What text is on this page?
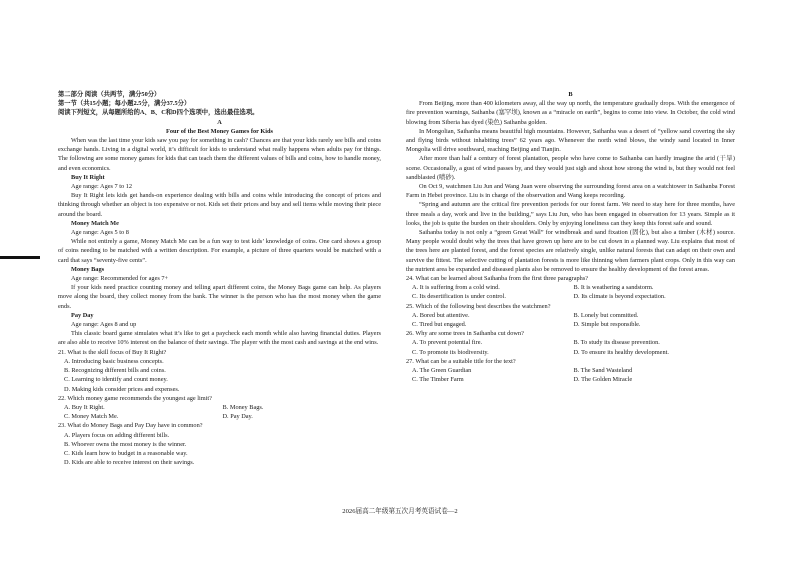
第二部分 阅读（共两节，满分50分）

第一节（共15小题；每小题2.5分，满分37.5分）

阅读下列短文，从每题所给的A、B、C和D四个选项中，选出最佳选项。

A

Four of the Best Money Games for Kids

When was the last time your kids saw you pay for something in cash? Chances are that your kids rarely see bills and coins exchange hands. Living in a digital world, it’s difficult for kids to understand what really happens when adults pay for things. The following are some money games for kids that can teach them the different values of bills and coins, how to handle money, and even economics.

Buy It Right

Age range: Ages 7 to 12

Buy It Right lets kids get hands-on experience dealing with bills and coins while introducing the concept of prices and thinking through whether an object is too expensive or not. Kids set their prices and buy and sell items while moving their piece around the board.

Money Match Me

Age range: Ages 5 to 8

While not entirely a game, Money Match Me can be a fun way to test kids’ knowledge of coins. One card shows a group of coins needing to be matched with a written description. For example, a picture of three quarters would be matched with a card that says “seventy-five cents”.

Money Bags

Age range: Recommended for ages 7+

If your kids need practice counting money and telling apart different coins, the Money Bags game can help. As players move along the board, they collect money from the bank. The winner is the person who has the most money when the game ends.

Pay Day

Age range: Ages 8 and up

This classic board game simulates what it’s like to get a paycheck each month while also having financial duties. Players are also able to receive 10% interest on the balance of their savings. The player with the most cash and savings at the end wins.

21. What is the skill focus of Buy It Right?

A. Introducing basic business concepts.

B. Recognizing different bills and coins.

C. Learning to identify and count money.

D. Making kids consider prices and expenses.

22. Which money game recommends the youngest age limit?

A. Buy It Right.	B. Money Bags.
C. Money Match Me.	D. Pay Day.

23. What do Money Bags and Pay Day have in common?

A. Players focus on adding different bills.

B. Whoever owns the most money is the winner.

C. Kids learn how to budget in a reasonable way.

D. Kids are able to receive interest on their savings.

B

From Beijing, more than 400 kilometers away, all the way up north, the temperature gradually drops. With the emergence of fire prevention warnings, Saihanba (塞罕坝), known as a “miracle on earth”, begins to come into view. In October, the cold wind blowing from Siberia has dyed (染色) Saihanba golden.

In Mongolian, Saihanba means beautiful high mountains. However, Saihanba was a desert of “yellow sand covering the sky and flying birds without inhabiting trees” 62 years ago. Whenever the north wind blows, the windy sand located in Inner Mongolia will drive southward, reaching Beijing and Tianjin.

After more than half a century of forest plantation, people who have come to Saihanba can hardly imagine the arid (干旱) scene. Occasionally, a gust of wind passes by, and they would just sigh and shout how strong the wind is, but they would not feel sandblasted (喷砂).

On Oct 9, watchmen Liu Jun and Wang Juan were observing the surrounding forest area on a watchtower in Saihanba Forest Farm in Hebei province. Liu is in charge of the observation and Wang keeps recording.

“Spring and autumn are the critical fire prevention periods for our forest farm. We need to stay here for three months, have three meals a day, work and live in the building,” says Liu Jun, who has been engaged in observation for 13 years. Simple as it looks, the job is quite the burden on their shoulders. Only by enjoying loneliness can they keep this forest safe and sound.

Saihanba today is not only a “green Great Wall” for windbreak and sand fixation (固化), but also a timber (木材) source. Many people would doubt why the trees that have grown up here are to be cut down in a planned way. Liu explains that most of the trees here are planted forest, and the forest species are relatively single, unlike natural forests that can adapt on their own and survive the fittest. The selective cutting of plantation forests is more like thinning when farmers plant crops. Only in this way can the nutrient area be expanded and diseased plants also be removed to ensure the healthy development of the forest areas.

24. What can be learned about Saihanba from the first three paragraphs?

A. It is suffering from a cold wind.	B. It is weathering a sandstorm.
C. Its desertification is under control.	D. Its climate is beyond expectation.

25. Which of the following best describes the watchmen?

A. Bored but attentive.	B. Lonely but committed.
C. Tired but engaged.	D. Simple but responsible.

26. Why are some trees in Saihanba cut down?

A. To prevent potential fire.	B. To study its disease prevention.
C. To promote its biodiversity.	D. To ensure its healthy development.

27. What can be a suitable title for the text?

A. The Green Guardian	B. The Sand Wasteland
C. The Timber Farm	D. The Golden Miracle
2026届高二年级第五次月考英语试卷—2
